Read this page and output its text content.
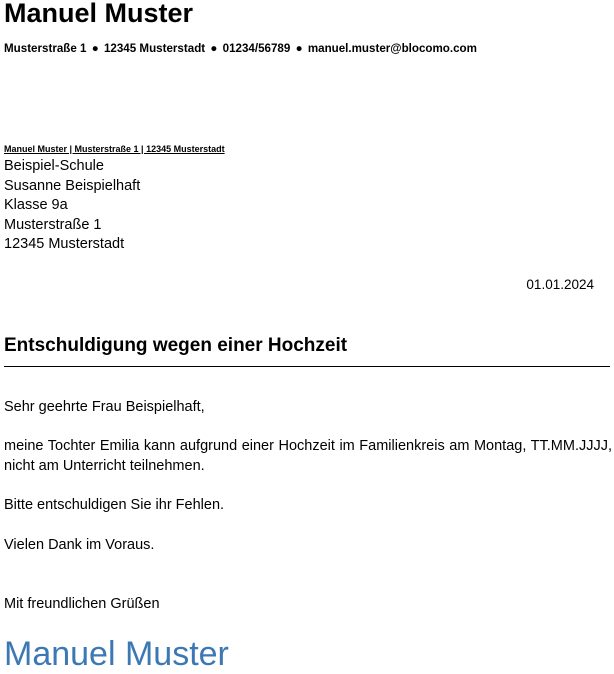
Manuel Muster

Musterstraße 1 ● 12345 Musterstadt ● 01234/56789 ● manuel.muster@blocomo.com

Manuel Muster | Musterstraße 1 | 12345 Musterstadt

Beispiel-Schule
Susanne Beispielhaft
Klasse 9a
Musterstraße 1
12345 Musterstadt

01.01.2024

Entschuldigung wegen einer Hochzeit

Sehr geehrte Frau Beispielhaft,

meine Tochter Emilia kann aufgrund einer Hochzeit im Familienkreis am Montag, TT.MM.JJJJ, nicht am Unterricht teilnehmen.

Bitte entschuldigen Sie ihr Fehlen.

Vielen Dank im Voraus.

Mit freundlichen Grüßen

Manuel Muster
